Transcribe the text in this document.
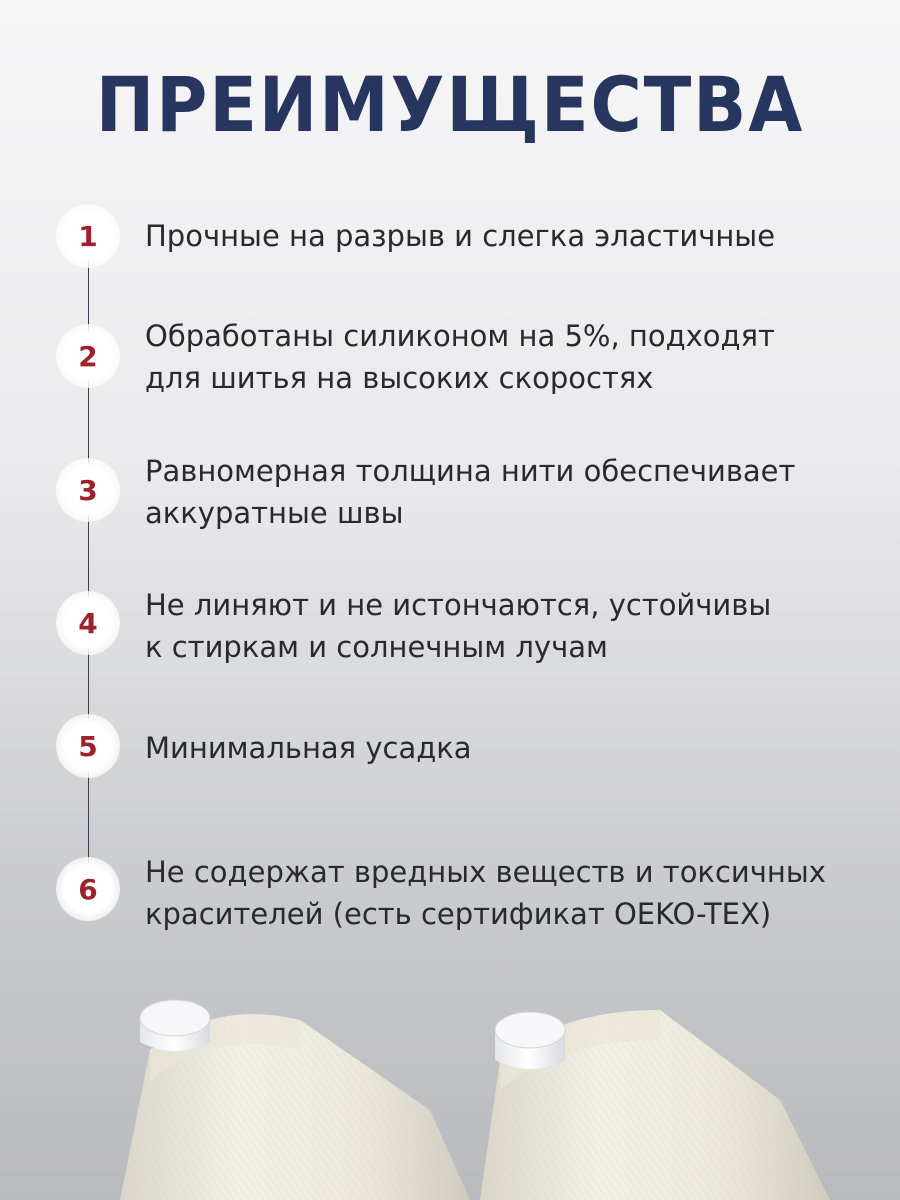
ПРЕИМУЩЕСТВА
1 Прочные на разрыв и слегка эластичные
2
Обработаны силиконом на 5%, подходят
для шитья на высоких скоростях
3
Равномерная толщина нити обеспечивает
аккуратные швы
4
Не линяют и не истончаются, устойчивы
к стиркам и солнечным лучам
5 Минимальная усадка
6 Не содержат вредных веществ и токсичных
красителей (есть сертификат OEKO-TEX)
